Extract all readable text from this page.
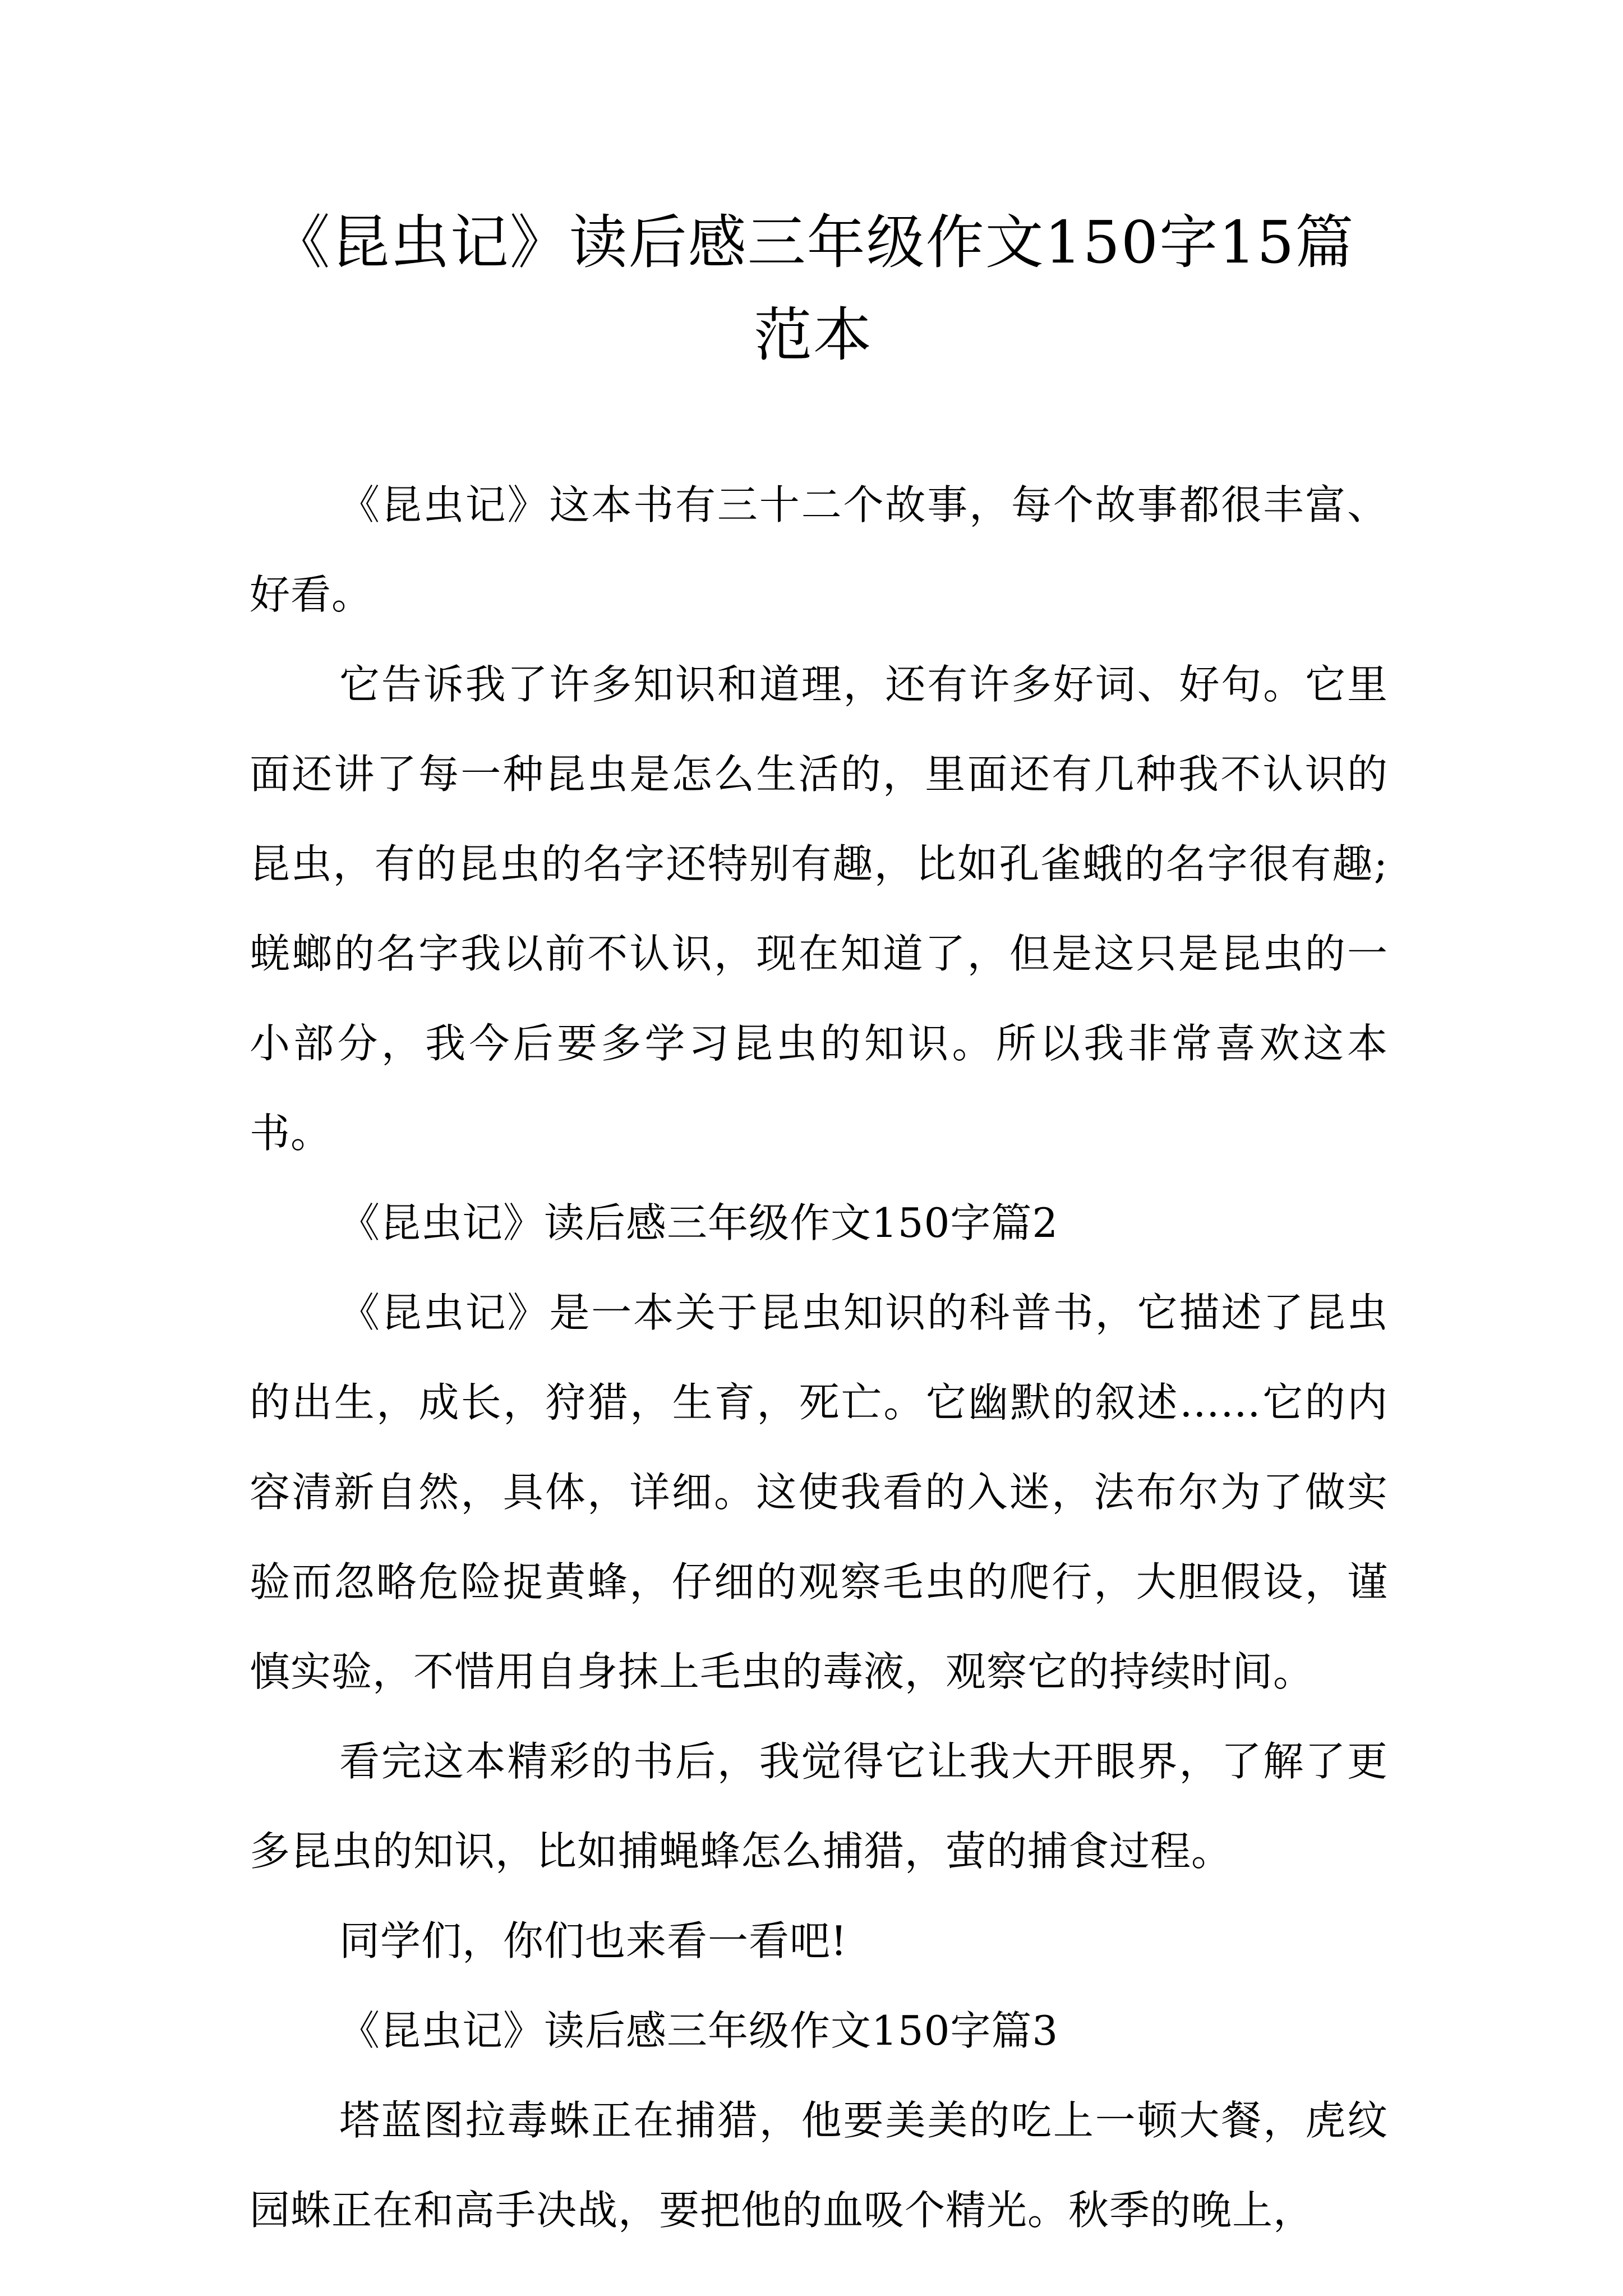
《昆虫记》读后感三年级作文150字15篇
范本

《昆虫记》这本书有三十二个故事，每个故事都很丰富、好看。

它告诉我了许多知识和道理，还有许多好词、好句。它里面还讲了每一种昆虫是怎么生活的，里面还有几种我不认识的昆虫，有的昆虫的名字还特别有趣，比如孔雀蛾的名字很有趣;蜣螂的名字我以前不认识，现在知道了，但是这只是昆虫的一小部分，我今后要多学习昆虫的知识。所以我非常喜欢这本书。

《昆虫记》读后感三年级作文150字篇2

《昆虫记》是一本关于昆虫知识的科普书，它描述了昆虫的出生，成长，狩猎，生育，死亡。它幽默的叙述……它的内容清新自然，具体，详细。这使我看的入迷，法布尔为了做实验而忽略危险捉黄蜂，仔细的观察毛虫的爬行，大胆假设，谨慎实验，不惜用自身抹上毛虫的毒液，观察它的持续时间。

看完这本精彩的书后，我觉得它让我大开眼界，了解了更多昆虫的知识，比如捕蝇蜂怎么捕猎，萤的捕食过程。

同学们，你们也来看一看吧!

《昆虫记》读后感三年级作文150字篇3

塔蓝图拉毒蛛正在捕猎，他要美美的吃上一顿大餐，虎纹园蛛正在和高手决战，要把他的血吸个精光。秋季的晚上，
